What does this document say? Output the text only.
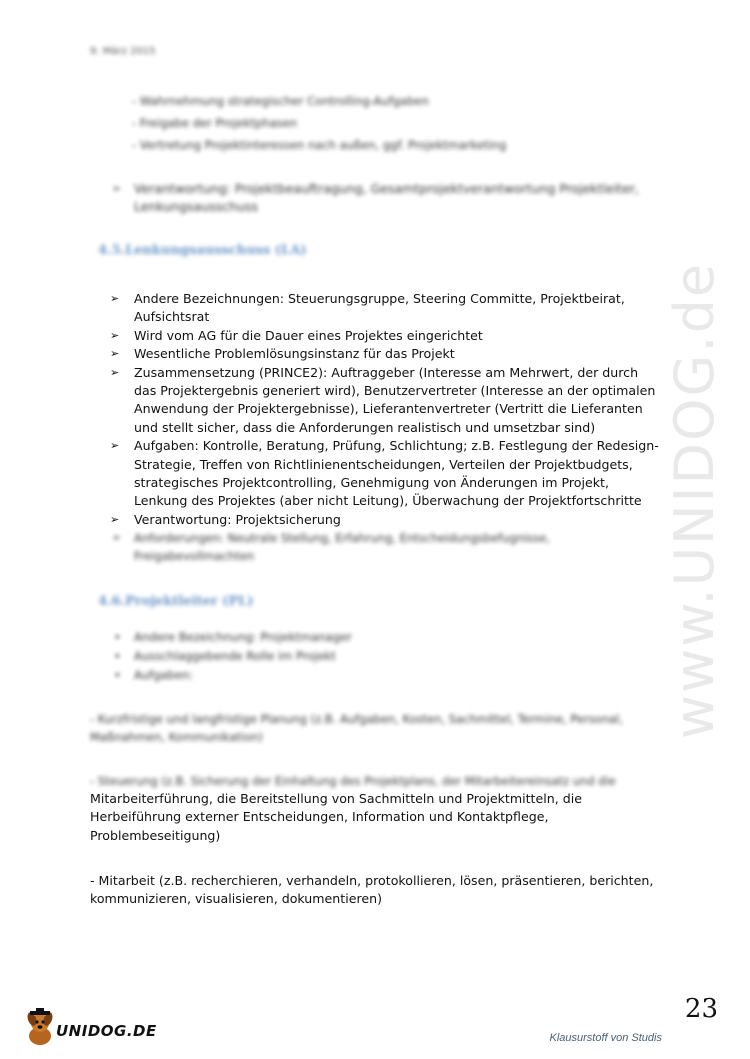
www.UNIDOG.de
9. März 2015
- Wahrnehmung strategischer Controlling-Aufgaben
- Freigabe der Projektphasen
- Vertretung Projektinteressen nach außen, ggf. Projektmarketing
➢ Verantwortung: Projektbeauftragung, Gesamtprojektverantwortung Projektleiter, Lenkungsausschuss
4.5.Lenkungsausschuss (LA)
➢ Andere Bezeichnungen: Steuerungsgruppe, Steering Committe, Projektbeirat, Aufsichtsrat
➢ Wird vom AG für die Dauer eines Projektes eingerichtet
➢ Wesentliche Problemlösungsinstanz für das Projekt
➢ Zusammensetzung (PRINCE2): Auftraggeber (Interesse am Mehrwert, der durch das Projektergebnis generiert wird), Benutzervertreter (Interesse an der optimalen Anwendung der Projektergebnisse), Lieferantenvertreter (Vertritt die Lieferanten und stellt sicher, dass die Anforderungen realistisch und umsetzbar sind)
➢ Aufgaben: Kontrolle, Beratung, Prüfung, Schlichtung; z.B. Festlegung der Redesign-Strategie, Treffen von Richtlinienentscheidungen, Verteilen der Projektbudgets, strategisches Projektcontrolling, Genehmigung von Änderungen im Projekt, Lenkung des Projektes (aber nicht Leitung), Überwachung der Projektfortschritte
➢ Verantwortung: Projektsicherung
➢ Anforderungen: Neutrale Stellung, Erfahrung, Entscheidungsbefugnisse, Freigabevollmachten
4.6.Projektleiter (PL)
• Andere Bezeichnung: Projektmanager
• Ausschlaggebende Rolle im Projekt
• Aufgaben:
- Kurzfristige und langfristige Planung (z.B. Aufgaben, Kosten, Sachmittel, Termine, Personal, Maßnahmen, Kommunikation)
- Steuerung (z.B. Sicherung der Einhaltung des Projektplans, der Mitarbeitereinsatz und die
Mitarbeiterführung, die Bereitstellung von Sachmitteln und Projektmitteln, die Herbeiführung externer Entscheidungen, Information und Kontaktpflege, Problembeseitigung)
- Mitarbeit (z.B. recherchieren, verhandeln, protokollieren, lösen, präsentieren, berichten, kommunizieren, visualisieren, dokumentieren)
UNIDOG.DE
23
Klausurstoff von Studis
